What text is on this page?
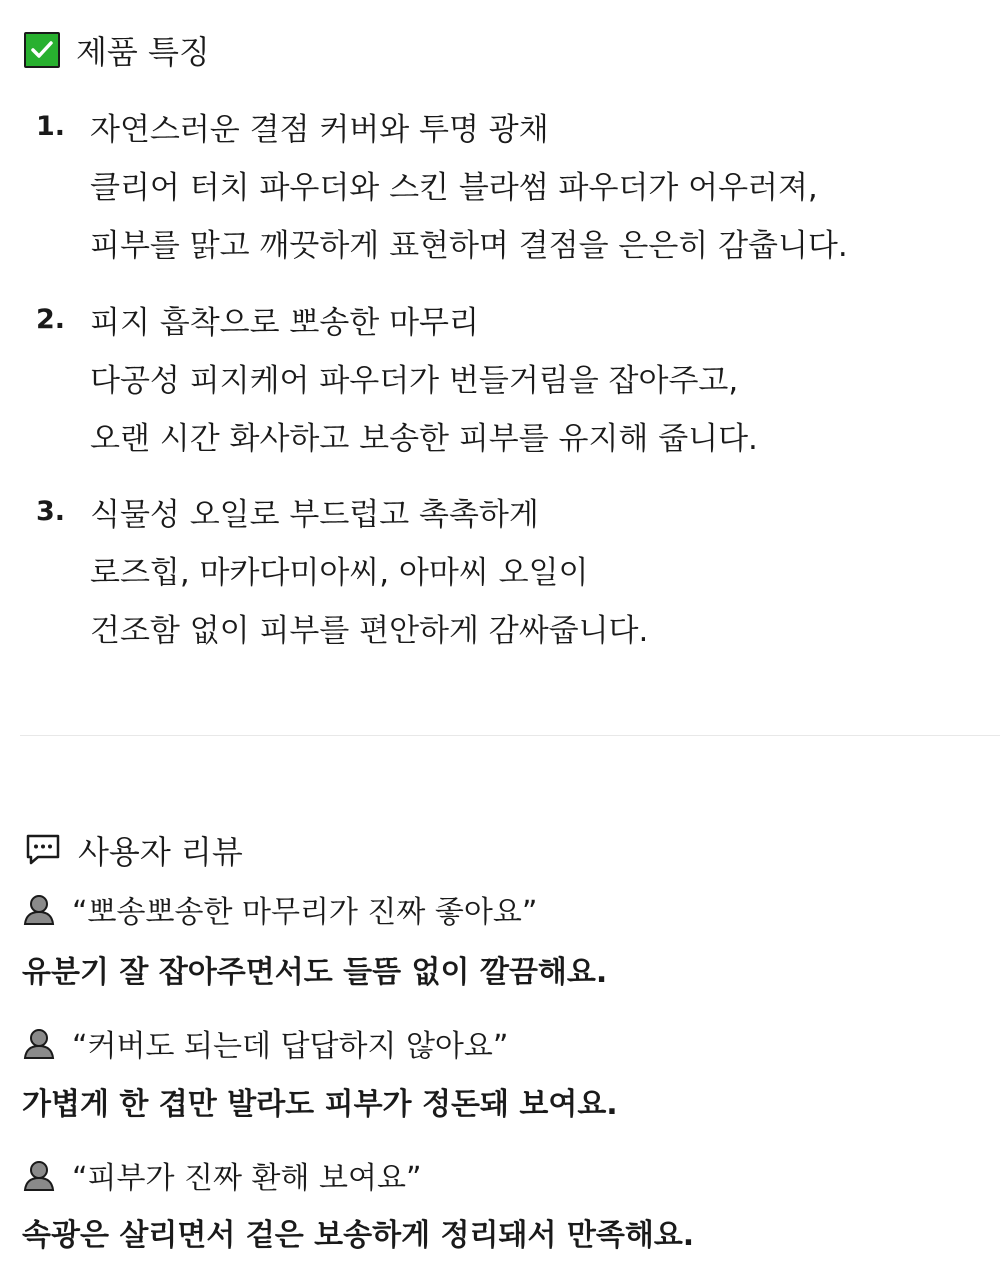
제품 특징
1. 자연스러운 결점 커버와 투명 광채
클리어 터치 파우더와 스킨 블라썸 파우더가 어우러져,
피부를 맑고 깨끗하게 표현하며 결점을 은은히 감춥니다.
2. 피지 흡착으로 뽀송한 마무리
다공성 피지케어 파우더가 번들거림을 잡아주고,
오랜 시간 화사하고 보송한 피부를 유지해 줍니다.
3. 식물성 오일로 부드럽고 촉촉하게
로즈힙, 마카다미아씨, 아마씨 오일이
건조함 없이 피부를 편안하게 감싸줍니다.
사용자 리뷰
“뽀송뽀송한 마무리가 진짜 좋아요”
유분기 잘 잡아주면서도 들뜸 없이 깔끔해요.
“커버도 되는데 답답하지 않아요”
가볍게 한 겹만 발라도 피부가 정돈돼 보여요.
“피부가 진짜 환해 보여요”
속광은 살리면서 겉은 보송하게 정리돼서 만족해요.
